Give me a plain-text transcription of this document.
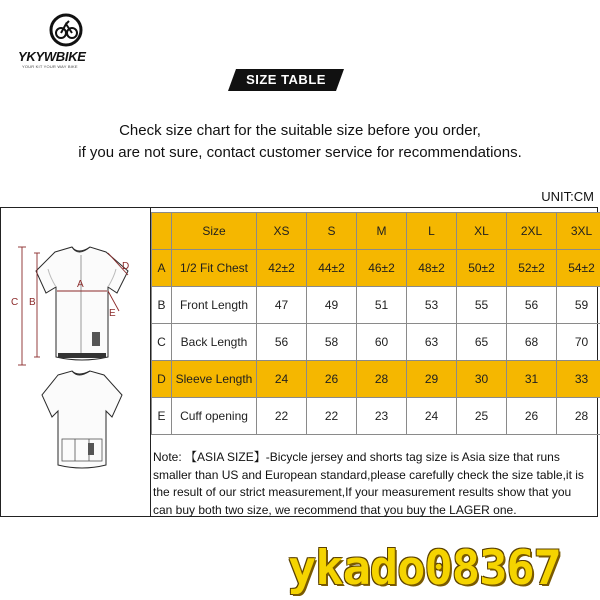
YKYWBIKE
YOUR KIT YOUR WAY BIKE
SIZE TABLE
Check size chart for the suitable size before you order,
if you are not sure, contact customer service for recommendations.
UNIT:CM
C B
A
D
E
	Size	XS	S	M	L	XL	2XL	3XL
A	1/2 Fit Chest	42±2	44±2	46±2	48±2	50±2	52±2	54±2
B	Front Length	47	49	51	53	55	56	59
C	Back Length	56	58	60	63	65	68	70
D	Sleeve Length	24	26	28	29	30	31	33
E	Cuff opening	22	22	23	24	25	26	28
Note: 【ASIA SIZE】-Bicycle jersey and shorts tag size is Asia size that runs smaller than US and European standard,please carefully check the size table,it is the result of our strict measurement,If your measurement results show that you can buy both two size, we recommend that you buy the LAGER one.
ykado08367
